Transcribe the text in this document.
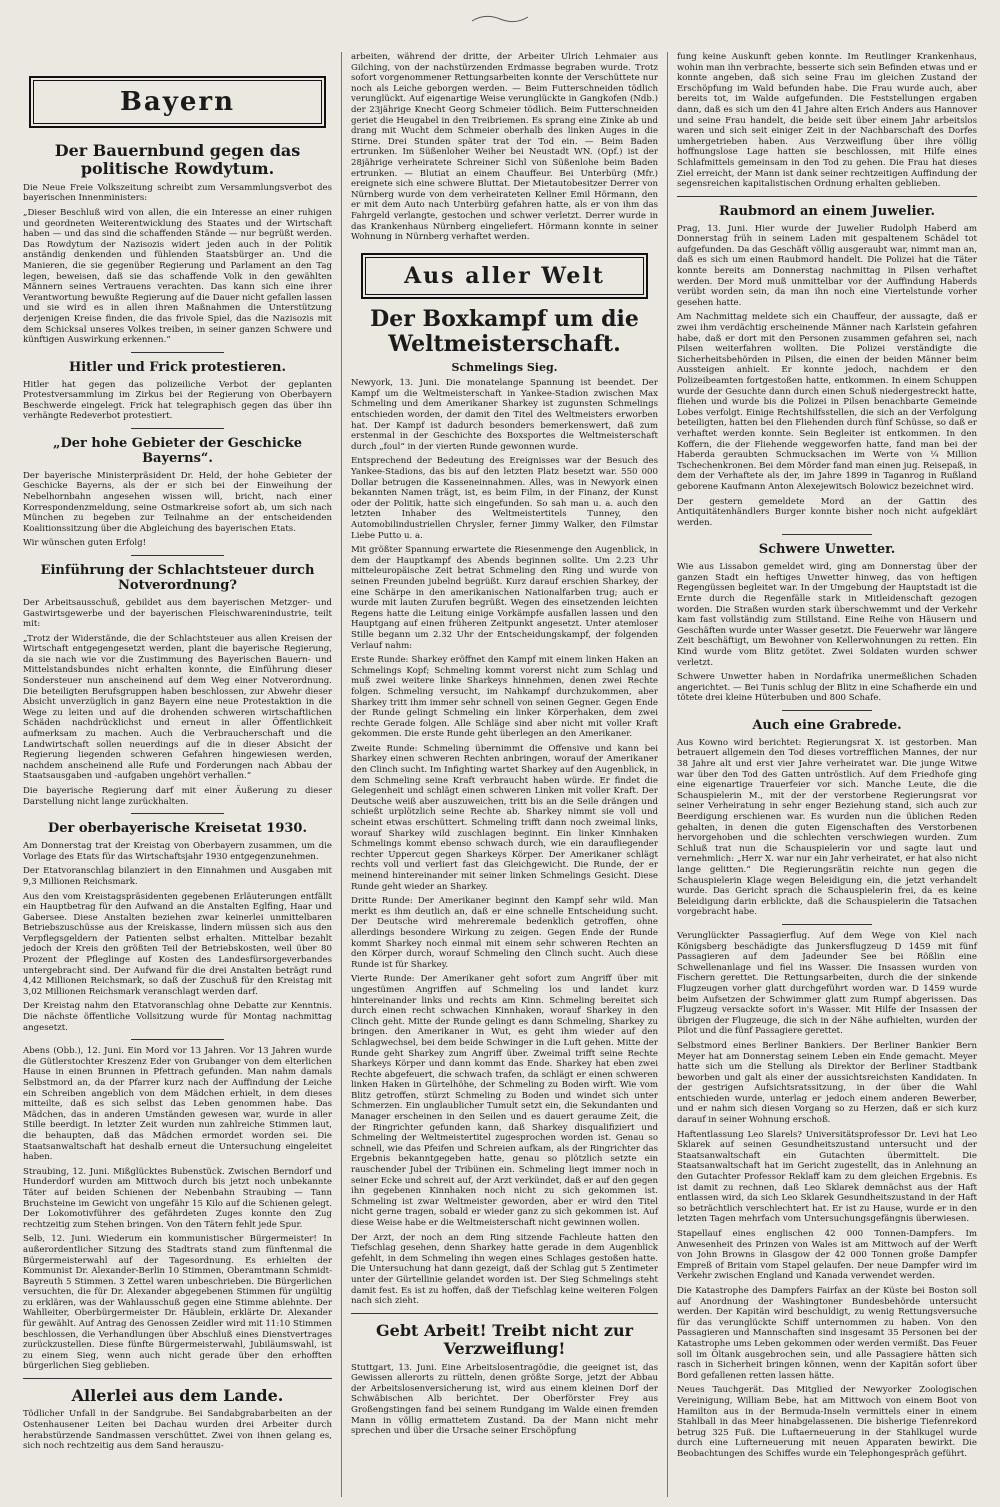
Bayern
Der Bauernbund gegen das politische Rowdytum.

Die Neue Freie Volkszeitung schreibt zum Versammlungsverbot des bayerischen Innenministers:

„Dieser Beschluß wird von allen, die ein Interesse an einer ruhigen und geordneten Weiterentwicklung des Staates und der Wirtschaft haben — und das sind die schaffenden Stände — nur begrüßt werden. Das Rowdytum der Nazisozis widert jeden auch in der Politik anständig denkenden und fühlenden Staatsbürger an. Und die Manieren, die sie gegenüber Regierung und Parlament an den Tag legen, beweisen, daß sie das schaffende Volk in den gewählten Männern seines Vertrauens verachten. Das kann sich eine ihrer Verantwortung bewußte Regierung auf die Dauer nicht gefallen lassen und sie wird es in allen ihren Maßnahmen die Unterstützung derjenigen Kreise finden, die das frivole Spiel, das die Nazisozis mit dem Schicksal unseres Volkes treiben, in seiner ganzen Schwere und künftigen Auswirkung erkennen.“

Hitler und Frick protestieren.

Hitler hat gegen das polizeiliche Verbot der geplanten Protestversammlung im Zirkus bei der Regierung von Oberbayern Beschwerde eingelegt. Frick hat telegraphisch gegen das über ihn verhängte Redeverbot protestiert.

„Der hohe Gebieter der Geschicke Bayerns“.

Der bayerische Ministerpräsident Dr. Held, der hohe Gebieter der Geschicke Bayerns, als der er sich bei der Einweihung der Nebelhornbahn angesehen wissen will, bricht, nach einer Korrespondenzmeldung, seine Ostmarkreise sofort ab, um sich nach München zu begeben zur Teilnahme an der entscheidenden Koalitionssitzung über die Abgleichung des bayerischen Etats.

Wir wünschen guten Erfolg!

Einführung der Schlachtsteuer durch Notverordnung?

Der Arbeitsausschuß, gebildet aus dem bayerischen Metzger- und Gastwirtsgewerbe und der bayerischen Fleischwarenindustrie, teilt mit:

„Trotz der Widerstände, die der Schlachtsteuer aus allen Kreisen der Wirtschaft entgegengesetzt werden, plant die bayerische Regierung, da sie nach wie vor die Zustimmung des Bayerischen Bauern- und Mittelstandsbundes nicht erhalten konnte, die Einführung dieser Sondersteuer nun anscheinend auf dem Weg einer Notverordnung. Die beteiligten Berufsgruppen haben beschlossen, zur Abwehr dieser Absicht unverzüglich in ganz Bayern eine neue Protestaktion in die Wege zu leiten und auf die drohenden schweren wirtschaftlichen Schäden nachdrücklichst und erneut in aller Öffentlichkeit aufmerksam zu machen. Auch die Verbraucherschaft und die Landwirtschaft sollen neuerdings auf die in dieser Absicht der Regierung liegenden schweren Gefahren hingewiesen werden, nachdem anscheinend alle Rufe und Forderungen nach Abbau der Staatsausgaben und -aufgaben ungehört verhallen.“

Die bayerische Regierung darf mit einer Äußerung zu dieser Darstellung nicht lange zurückhalten.

Der oberbayerische Kreisetat 1930.

Am Donnerstag trat der Kreistag von Oberbayern zusammen, um die Vorlage des Etats für das Wirtschaftsjahr 1930 entgegenzunehmen.

Der Etatvoranschlag bilanziert in den Einnahmen und Ausgaben mit 9,3 Millionen Reichsmark.

Aus den vom Kreistagspräsidenten gegebenen Erläuterungen entfällt ein Hauptbetrag für den Aufwand an die Anstalten Eglfing, Haar und Gabersee. Diese Anstalten beziehen zwar keinerlei unmittelbaren Betriebszuschüsse aus der Kreiskasse, lindern müssen sich aus den Verpflegsgeldern der Patienten selbst erhalten. Mittelbar bezahlt jedoch der Kreis den größten Teil der Betriebskosten, weil über 80 Prozent der Pfleglinge auf Kosten des Landesfürsorgeverbandes untergebracht sind. Der Aufwand für die drei Anstalten beträgt rund 4,42 Millionen Reichsmark, so daß der Zuschuß für den Kreistag mit 3,02 Millionen Reichsmark veranschlagt werden darf.

Der Kreistag nahm den Etatvoranschlag ohne Debatte zur Kenntnis. Die nächste öffentliche Vollsitzung wurde für Montag nachmittag angesetzt.

Abens (Obb.), 12. Juni. Ein Mord vor 13 Jahren. Vor 13 Jahren wurde die Gütlerstochter Kreszenz Eder von Grubanger von dem elterlichen Hause in einen Brunnen in Pfettrach gefunden. Man nahm damals Selbstmord an, da der Pfarrer kurz nach der Auffindung der Leiche ein Schreiben angeblich von dem Mädchen erhielt, in dem dieses mitteilte, daß es sich selbst das Leben genommen habe. Das Mädchen, das in anderen Umständen gewesen war, wurde in aller Stille beerdigt. In letzter Zeit wurden nun zahlreiche Stimmen laut, die behaupten, daß das Mädchen ermordet worden sei. Die Staatsanwaltschaft hat deshalb erneut die Untersuchung eingeleitet haben.

Straubing, 12. Juni. Mißglücktes Bubenstück. Zwischen Berndorf und Hunderdorf wurden am Mittwoch durch bis jetzt noch unbekannte Täter auf beiden Schienen der Nebenbahn Straubing — Tann Bruchsteine im Gewicht von ungefähr 15 Kilo auf die Schienen gelegt. Der Lokomotivführer des gefährdeten Zuges konnte den Zug rechtzeitig zum Stehen bringen. Von den Tätern fehlt jede Spur.

Selb, 12. Juni. Wiederum ein kommunistischer Bürgermeister! In außerordentlicher Sitzung des Stadtrats stand zum fünftenmal die Bürgermeisterwahl auf der Tagesordnung. Es erhielten der Kommunist Dr. Alexander-Berlin 10 Stimmen, Oberamtmann Schmidt-Bayreuth 5 Stimmen. 3 Zettel waren unbeschrieben. Die Bürgerlichen versuchten, die für Dr. Alexander abgegebenen Stimmen für ungültig zu erklären, was der Wahlausschuß gegen eine Stimme ablehnte. Der Wahlleiter, Oberbürgermeister Dr. Häublein, erklärte Dr. Alexander für gewählt. Auf Antrag des Genossen Zeidler wird mit 11:10 Stimmen beschlossen, die Verhandlungen über Abschluß eines Dienstvertrages zurückzustellen. Diese fünfte Bürgermeisterwahl, Jubiläumswahl, ist zu einem Sieg, wenn auch nicht gerade über den erhofften bürgerlichen Sieg geblieben.

Allerlei aus dem Lande.

Tödlicher Unfall in der Sandgrube. Bei Sandabgrabarbeiten an der Ostenhausener Leiten bei Dachau wurden drei Arbeiter durch herabstürzende Sandmassen verschüttet. Zwei von ihnen gelang es, sich noch rechtzeitig aus dem Sand herauszu-

arbeiten, während der dritte, der Arbeiter Ulrich Lehmaier aus Gilching, von der nachstürzenden Erdmasse begraben wurde. Trotz sofort vorgenommener Rettungsarbeiten konnte der Verschüttete nur noch als Leiche geborgen werden. — Beim Futterschneiden tödlich verunglückt. Auf eigenartige Weise verunglückte in Gangkofen (Ndb.) der 23jährige Knecht Georg Schmeier tödlich. Beim Futterschneiden geriet die Heugabel in den Treibriemen. Es sprang eine Zinke ab und drang mit Wucht dem Schmeier oberhalb des linken Auges in die Stirne. Drei Stunden später trat der Tod ein. — Beim Baden ertrunken. Im Süßenloher Weiher bei Neustadt WN. (Opf.) ist der 28jährige verheiratete Schreiner Sichl von Süßenlohe beim Baden ertrunken. — Blutiat an einem Chauffeur. Bei Unterbürg (Mfr.) ereignete sich eine schwere Bluttat. Der Mietautobesitzer Derrer von Nürnberg wurde von dem verheirateten Kellner Emil Hörmann, den er mit dem Auto nach Unterbürg gefahren hatte, als er von ihm das Fahrgeld verlangte, gestochen und schwer verletzt. Derrer wurde in das Krankenhaus Nürnberg eingeliefert. Hörmann konnte in seiner Wohnung in Nürnberg verhaftet werden.

Aus aller Welt
Der Boxkampf um die Weltmeisterschaft.
Schmelings Sieg.

Newyork, 13. Juni. Die monatelange Spannung ist beendet. Der Kampf um die Weltmeisterschaft in Yankee-Stadion zwischen Max Schmeling und dem Amerikaner Sharkey ist zugunsten Schmelings entschieden worden, der damit den Titel des Weltmeisters erworben hat. Der Kampf ist dadurch besonders bemerkenswert, daß zum erstenmal in der Geschichte des Boxsportes die Weltmeisterschaft durch „foul“ in der vierten Runde gewonnen wurde.

Entsprechend der Bedeutung des Ereignisses war der Besuch des Yankee-Stadions, das bis auf den letzten Platz besetzt war. 550 000 Dollar betrugen die Kasseneinnahmen. Alles, was in Newyork einen bekannten Namen trägt, ist, es beim Film, in der Finanz, der Kunst oder der Politik, hatte sich eingefunden. So sah man u. a. auch den letzten Inhaber des Weltmeistertitels Tunney, den Automobilindustriellen Chrysler, ferner Jimmy Walker, den Filmstar Liebe Putto u. a.

Mit größter Spannung erwartete die Riesenmenge den Augenblick, in dem der Hauptkampf des Abends beginnen sollte. Um 2.23 Uhr mitteleuropäische Zeit betrat Schmeling den Ring und wurde von seinen Freunden jubelnd begrüßt. Kurz darauf erschien Sharkey, der eine Schärpe in den amerikanischen Nationalfarben trug; auch er wurde mit lauten Zurufen begrüßt. Wegen des einsetzenden leichten Regens hatte die Leitung einige Vorkämpfe ausfallen lassen und den Hauptgang auf einen früheren Zeitpunkt angesetzt. Unter atemloser Stille begann um 2.32 Uhr der Entscheidungskampf, der folgenden Verlauf nahm:

Erste Runde: Sharkey eröffnet den Kampf mit einem linken Haken an Schmelings Kopf; Schmeling kommt vorerst nicht zum Schlag und muß zwei weitere linke Sharkeys hinnehmen, denen zwei Rechte folgen. Schmeling versucht, im Nahkampf durchzukommen, aber Sharkey tritt ihm immer sehr schnell von seinen Gegner. Gegen Ende der Runde gelingt Schmeling ein linker Körperhaken, dem zwei rechte Gerade folgen. Alle Schläge sind aber nicht mit voller Kraft gekommen. Die erste Runde geht überlegen an den Amerikaner.

Zweite Runde: Schmeling übernimmt die Offensive und kann bei Sharkey einen schweren Rechten anbringen, worauf der Amerikaner den Clinch sucht. Im Infighting wartet Sharkey auf den Augenblick, in dem Schmeling seine Kraft verbraucht haben würde. Er findet die Gelegenheit und schlägt einen schweren Linken mit voller Kraft. Der Deutsche weiß aber auszuweichen, tritt bis an die Seile drängen und schießt urplötzlich seine Rechte ab. Sharkey nimmt sie voll und scheint etwas erschüttert. Schmeling trifft dann noch zweimal links, worauf Sharkey wild zuschlagen beginnt. Ein linker Kinnhaken Schmelings kommt ebenso schwach durch, wie ein daraufliegender rechter Uppercut gegen Sharkeys Körper. Der Amerikaner schlägt rechts voll und verliert fast das Gleichgewicht. Die Runde, der er meinend hintereinander mit seiner linken Schmelings Gesicht. Diese Runde geht wieder an Sharkey.

Dritte Runde: Der Amerikaner beginnt den Kampf sehr wild. Man merkt es ihm deutlich an, daß er eine schnelle Entscheidung sucht. Der Deutsche wird mehreremale bedenklich getroffen, ohne allerdings besondere Wirkung zu zeigen. Gegen Ende der Runde kommt Sharkey noch einmal mit einem sehr schweren Rechten an den Körper durch, worauf Schmeling den Clinch sucht. Auch diese Runde ist für Sharkey.

Vierte Runde: Der Amerikaner geht sofort zum Angriff über mit ungestümen Angriffen auf Schmeling los und landet kurz hintereinander links und rechts am Kinn. Schmeling bereitet sich durch einen recht schwachen Kinnhaken, worauf Sharkey in den Clinch geht. Mitte der Runde gelingt es dann Schmeling, Sharkey zu bringen. den Amerikaner in Wut, es geht ihm wieder auf den Schlagwechsel, bei dem beide Schwinger in die Luft gehen. Mitte der Runde geht Sharkey zum Angriff über. Zweimal trifft seine Rechte Sharkeys Körper und dann kommt das Ende. Sharkey hat eben zwei Rechte abgefeuert, die schwach trafen, da schlägt er einen schweren linken Haken in Gürtelhöhe, der Schmeling zu Boden wirft. Wie vom Blitz getroffen, stürzt Schmeling zu Boden und windet sich unter Schmerzen. Ein unglaublicher Tumult setzt ein, die Sekundanten und Manager erscheinen in den Seilen und es dauert geraume Zeit, die der Ringrichter gefunden kann, daß Sharkey disqualifiziert und Schmeling der Weltmeistertitel zugesprochen worden ist. Genau so schnell, wie das Pfeifen und Schreien aufkam, als der Ringrichter das Ergebnis bekanntgegeben hatte, genau so plötzlich setzte ein rauschender Jubel der Tribünen ein. Schmeling liegt immer noch in seiner Ecke und schreit auf, der Arzt verkündet, daß er auf den gegen ihn gegebenen Kinnhaken noch nicht zu sich gekommen ist. Schmeling ist zwar Weltmeister geworden, aber er wird den Titel nicht gerne tragen, sobald er wieder ganz zu sich gekommen ist. Auf diese Weise habe er die Weltmeisterschaft nicht gewinnen wollen.

Der Arzt, der noch an dem Ring sitzende Fachleute hatten den Tiefschlag gesehen, denn Sharkey hatte gerade in dem Augenblick gefehlt, in dem Schmeling ihn wegen eines Schlages gestoßen hatte. Die Untersuchung hat dann gezeigt, daß der Schlag gut 5 Zentimeter unter der Gürtellinie gelandet worden ist. Der Sieg Schmelings steht damit fest. Es ist zu hoffen, daß der Tiefschlag keine weiteren Folgen nach sich zieht.

Gebt Arbeit! Treibt nicht zur Verzweiflung!

Stuttgart, 13. Juni. Eine Arbeitslosentragödie, die geeignet ist, das Gewissen allerorts zu rütteln, denen größte Sorge, jetzt der Abbau der Arbeitslosenversicherung ist, wird aus einem kleinen Dorf der Schwäbischen Alb berichtet. Der Oberförster Frey aus Großengstingen fand bei seinem Rundgang im Walde einen fremden Mann in völlig ermattetem Zustand. Da der Mann nicht mehr sprechen und über die Ursache seiner Erschöpfung

fung keine Auskunft geben konnte. Im Reutlinger Krankenhaus, wohin man ihn verbrachte, besserte sich sein Befinden etwas und er konnte angeben, daß sich seine Frau im gleichen Zustand der Erschöpfung im Wald befunden habe. Die Frau wurde auch, aber bereits tot, im Walde aufgefunden. Die Feststellungen ergaben dann, daß es sich um den 41 Jahre alten Erich Anders aus Hannover und seine Frau handelt, die beide seit über einem Jahr arbeitslos waren und sich seit einiger Zeit in der Nachbarschaft des Dorfes umhergetrieben haben. Aus Verzweiflung über ihre völlig hoffnungslose Lage hatten sie beschlossen, mit Hilfe eines Schlafmittels gemeinsam in den Tod zu gehen. Die Frau hat dieses Ziel erreicht, der Mann ist dank seiner rechtzeitigen Auffindung der segensreichen kapitalistischen Ordnung erhalten geblieben.

Raubmord an einem Juwelier.

Prag, 13. Juni. Hier wurde der Juwelier Rudolph Haberd am Donnerstag früh in seinem Laden mit gespaltenem Schädel tot aufgefunden. Da das Geschäft völlig ausgeraubt war, nimmt man an, daß es sich um einen Raubmord handelt. Die Polizei hat die Täter konnte bereits am Donnerstag nachmittag in Pilsen verhaftet werden. Der Mord muß unmittelbar vor der Auffindung Haberds verübt worden sein, da man ihn noch eine Viertelstunde vorher gesehen hatte.

Am Nachmittag meldete sich ein Chauffeur, der aussagte, daß er zwei ihm verdächtig erscheinende Männer nach Karlstein gefahren habe, daß er dort mit den Personen zusammen gefahren sei, nach Pilsen weiterfahren wollten. Die Polizei verständigte die Sicherheitsbehörden in Pilsen, die einen der beiden Männer beim Aussteigen anhielt. Er konnte jedoch, nachdem er den Polizeibeamten fortgestoßen hatte, entkommen. In einem Schuppen wurde der Gesuchte dann durch einen Schuß niedergestreckt hatte, fliehen und wurde bis die Polizei in Pilsen benachbarte Gemeinde Lobes verfolgt. Einige Rechtshilfsstellen, die sich an der Verfolgung beteiligten, hatten bei den Fliehenden durch fünf Schüsse, so daß er verhaftet werden konnte. Sein Begleiter ist entkommen. In den Koffern, die der Fliehende weggeworfen hatte, fand man bei der Haberda geraubten Schmucksachen im Werte von ¼ Million Tschechenkronen. Bei dem Mörder fand man einen jug. Reisepaß, in dem der Verhaftete als der, im Jahre 1899 in Taganrog in Rußland geborene Kaufmann Anton Alexejewitsch Bolowicz bezeichnet wird.

Der gestern gemeldete Mord an der Gattin des Antiquitätenhändlers Burger konnte bisher noch nicht aufgeklärt werden.

Schwere Unwetter.

Wie aus Lissabon gemeldet wird, ging am Donnerstag über der ganzen Stadt ein heftiges Unwetter hinweg, das von heftigen Regengüssen begleitet war. In der Umgebung der Hauptstadt ist die Ernte durch die Regenfälle stark in Mitleidenschaft gezogen worden. Die Straßen wurden stark überschwemmt und der Verkehr kam fast vollständig zum Stillstand. Eine Reihe von Häusern und Geschäften wurde unter Wasser gesetzt. Die Feuerwehr war längere Zeit beschäftigt, um Bewohner von Kellerwohnungen zu retten. Ein Kind wurde vom Blitz getötet. Zwei Soldaten wurden schwer verletzt.

Schwere Unwetter haben in Nordafrika unermeßlichen Schaden angerichtet. — Bei Tunis schlug der Blitz in eine Schafherde ein und tötete drei kleine Hüterbuben und 800 Schafe.

Auch eine Grabrede.

Aus Kowno wird berichtet: Regierungsrat X. ist gestorben. Man betrauert allgemein den Tod dieses vortrefflichen Mannes, der nur 38 Jahre alt und erst vier Jahre verheiratet war. Die junge Witwe war über den Tod des Gatten untröstlich. Auf dem Friedhofe ging eine eigenartige Trauerfeier vor sich. Manche Leute, die die Schauspielerin M., mit der der verstorbene Regierungsrat vor seiner Verheiratung in sehr enger Beziehung stand, sich auch zur Beerdigung erschienen war. Es wurden nun die üblichen Reden gehalten, in denen die guten Eigenschaften des Verstorbenen hervorgehoben und die schlechten verschwiegen wurden. Zum Schluß trat nun die Schauspielerin vor und sagte laut und vernehmlich: „Herr X. war nur ein Jahr verheiratet, er hat also nicht lange gelitten.“ Die Regierungsrätin reichte nun gegen die Schauspielerin Klage wegen Beleidigung ein, die jetzt verhandelt wurde. Das Gericht sprach die Schauspielerin frei, da es keine Beleidigung darin erblickte, daß die Schauspielerin die Tatsachen vorgebracht habe.

Verunglückter Passagierflug. Auf dem Wege von Kiel nach Königsberg beschädigte das Junkersflugzeug D 1459 mit fünf Passagieren auf dem Jadeunder See bei Rößlin eine Schwellenanlage und fiel ins Wasser. Die Insassen wurden von Fischern gerettet. Die Rettungsarbeiten, durch die der sinkende Flugzeugen vorher glatt durchgeführt worden war. D 1459 wurde beim Aufsetzen der Schwimmer glatt zum Rumpf abgerissen. Das Flugzeug versackte sofort in's Wasser. Mit Hilfe der Insassen der übrigen der Flugzeuge, die sich in der Nähe aufhielten, wurden der Pilot und die fünf Passagiere gerettet.

Selbstmord eines Berliner Bankiers. Der Berliner Bankier Bern Meyer hat am Donnerstag seinem Leben ein Ende gemacht. Meyer hatte sich um die Stellung als Direktor der Berliner Stadtbank beworben und galt als einer der aussichtsreichsten Kandidaten. In der gestrigen Aufsichtsratssitzung, in der über die Wahl entschieden wurde, unterlag er jedoch einem anderen Bewerber, und er nahm sich diesen Vorgang so zu Herzen, daß er sich kurz darauf in seiner Wohnung erschoß.

Haftentlassung Leo Slarels? Universitätsprofessor Dr. Levi hat Leo Sklarek auf seinen Gesundheitszustand untersucht und der Staatsanwaltschaft ein Gutachten übermittelt. Die Staatsanwaltschaft hat im Gericht zugestellt, das in Anlehnung an den Gutachter Professor Reklaff kam zu dem gleichen Ergebnis. Es ist damit zu rechnen, daß Leo Sklarek demnächst aus der Haft entlassen wird, da sich Leo Sklarek Gesundheitszustand in der Haft so beträchtlich verschlechtert hat. Er ist zu Hause, wurde er in den letzten Tagen mehrfach vom Untersuchungsgefängnis überwiesen.

Stapellauf eines englischen 42 000 Tonnen-Dampfers. Im Anwesenheit des Prinzen von Wales ist am Mittwoch auf der Werft von John Browns in Glasgow der 42 000 Tonnen große Dampfer Empreß of Britain vom Stapel gelaufen. Der neue Dampfer wird im Verkehr zwischen England und Kanada verwendet werden.

Die Katastrophe des Dampfers Fairfax an der Küste bei Boston soll auf Anordnung der Washingtoner Bundesbehörde untersucht werden. Der Kapitän wird beschuldigt, zu wenig Rettungsversuche für das verunglückte Schiff unternommen zu haben. Von den Passagieren und Mannschaften sind insgesamt 35 Personen bei der Katastrophe ums Leben gekommen oder werden vermißt. Das Feuer soll im Öltank ausgebrochen sein, und alle Passagiere hätten sich rasch in Sicherheit bringen können, wenn der Kapitän sofort über Bord gefallenen retten lassen hätte.

Neues Tauchgerät. Das Mitglied der Newyorker Zoologischen Vereinigung, William Bebe, hat am Mittwoch von einem Boot von Hamilton aus in der Bermuda-Inseln vermittels einer in einem Stahlball in das Meer hinabgelassenen. Die bisherige Tiefenrekord betrug 325 Fuß. Die Luftaerneuerung in der Stahlkugel wurde durch eine Lufterneuerung mit neuen Apparaten bewirkt. Die Beobachtungen des Schiffes wurde ein Telephongespräch geführt.
